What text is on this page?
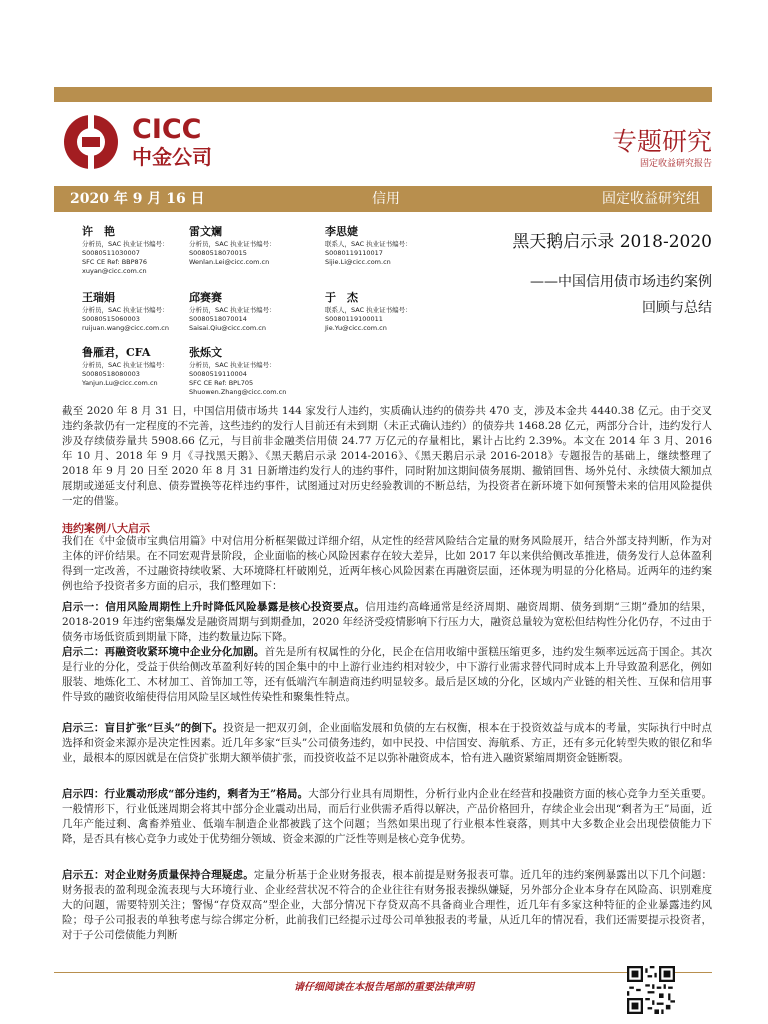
CICC
中金公司
专题研究
固定收益研究报告
2020 年 9 月 16 日	信用	固定收益研究组
许　艳
分析员，SAC 执业证书编号：
S0080511030007
SFC CE Ref: BBP876
xuyan@cicc.com.cn
雷文斓
分析员，SAC 执业证书编号：
S0080518070015
Wenlan.Lei@cicc.com.cn
李思婕
联系人，SAC 执业证书编号：
S0080119110017
Sijie.Li@cicc.com.cn
王瑞娟
分析员，SAC 执业证书编号：
S0080515060003
ruijuan.wang@cicc.com.cn
邱赛赛
分析员，SAC 执业证书编号：
S0080518070014
Saisai.Qiu@cicc.com.cn
于　杰
联系人，SAC 执业证书编号：
S0080119100011
Jie.Yu@cicc.com.cn
鲁雁君，CFA
分析员，SAC 执业证书编号：
S0080518080003
Yanjun.Lu@cicc.com.cn
张烁文
分析员，SAC 执业证书编号：
S0080519110004
SFC CE Ref: BPL705
Shuowen.Zhang@cicc.com.cn
黑天鹅启示录 2018-2020
——中国信用债市场违约案例
回顾与总结
截至 2020 年 8 月 31 日，中国信用债市场共 144 家发行人违约，实质确认违约的债券共 470 支，涉及本金共 4440.38 亿元。由于交叉违约条款仍有一定程度的不完善，这些违约的发行人目前还有未到期（未正式确认违约）的债券共 1468.28 亿元，两部分合计，违约发行人涉及存续债券量共 5908.66 亿元，与目前非金融类信用债 24.77 万亿元的存量相比，累计占比约 2.39%。本文在 2014 年 3 月、2016 年 10 月、2018 年 9 月《寻找黑天鹅》、《黑天鹅启示录 2014-2016》、《黑天鹅启示录 2016-2018》专题报告的基础上，继续整理了 2018 年 9 月 20 日至 2020 年 8 月 31 日新增违约发行人的违约事件，同时附加这期间债务展期、撤销回售、场外兑付、永续债大额加点展期或递延支付利息、债券置换等花样违约事件，试图通过对历史经验教训的不断总结，为投资者在新环境下如何预警未来的信用风险提供一定的借鉴。
违约案例八大启示
我们在《中金债市宝典信用篇》中对信用分析框架做过详细介绍，从定性的经营风险结合定量的财务风险展开，结合外部支持判断，作为对主体的评价结果。在不同宏观背景阶段，企业面临的核心风险因素存在较大差异，比如 2017 年以来供给侧改革推进，债务发行人总体盈利得到一定改善，不过融资持续收紧、大环境降杠杆破刚兑，近两年核心风险因素在再融资层面，还体现为明显的分化格局。近两年的违约案例也给予投资者多方面的启示，我们整理如下：
启示一：信用风险周期性上升时降低风险暴露是核心投资要点。信用违约高峰通常是经济周期、融资周期、债务到期“三期”叠加的结果，2018-2019 年违约密集爆发是融资周期与到期叠加，2020 年经济受疫情影响下行压力大，融资总量较为宽松但结构性分化仍存，不过由于债务市场低资质到期量下降，违约数量边际下降。
启示二：再融资收紧环境中企业分化加剧。首先是所有权属性的分化，民企在信用收缩中蛋糕压缩更多，违约发生频率远远高于国企。其次是行业的分化，受益于供给侧改革盈利好转的国企集中的中上游行业违约相对较少，中下游行业需求替代同时成本上升导致盈利恶化，例如服装、地炼化工、木材加工、首饰加工等，还有低端汽车制造商违约明显较多。最后是区域的分化，区域内产业链的相关性、互保和信用事件导致的融资收缩使得信用风险呈区域性传染性和聚集性特点。
启示三：盲目扩张“巨头”的倒下。投资是一把双刃剑，企业面临发展和负债的左右权衡，根本在于投资效益与成本的考量，实际执行中时点选择和资金来源亦是决定性因素。近几年多家“巨头”公司债务违约，如中民投、中信国安、海航系、方正，还有多元化转型失败的银亿和华业，最根本的原因就是在信贷扩张期大额举债扩张，而投资收益不足以弥补融资成本，恰有进入融资紧缩周期资金链断裂。
启示四：行业震动形成“部分违约，剩者为王”格局。大部分行业具有周期性，分析行业内企业在经营和投融资方面的核心竞争力至关重要。一般情形下，行业低迷周期会将其中部分企业震动出局，而后行业供需矛盾得以解决，产品价格回升，存续企业会出现“剩者为王”局面，近几年产能过剩、禽畜养殖业、低端车制造企业都被践了这个问题；当然如果出现了行业根本性衰落，则其中大多数企业会出现偿债能力下降，是否具有核心竞争力或处于优势细分领域、资金来源的广泛性等则是核心竞争优势。
启示五：对企业财务质量保持合理疑虑。定量分析基于企业财务报表，根本前提是财务报表可靠。近几年的违约案例暴露出以下几个问题：财务报表的盈利现金流表现与大环境行业、企业经营状况不符合的企业往往有财务报表操纵嫌疑，另外部分企业本身存在风险高、识别难度大的问题，需要特别关注；警惕“存贷双高”型企业，大部分情况下存贷双高不具备商业合理性，近几年有多家这种特征的企业暴露违约风险；母子公司报表的单独考虑与综合绑定分析，此前我们已经提示过母公司单独报表的考量，从近几年的情况看，我们还需要提示投资者，对于子公司偿债能力判断
请仔细阅读在本报告尾部的重要法律声明
